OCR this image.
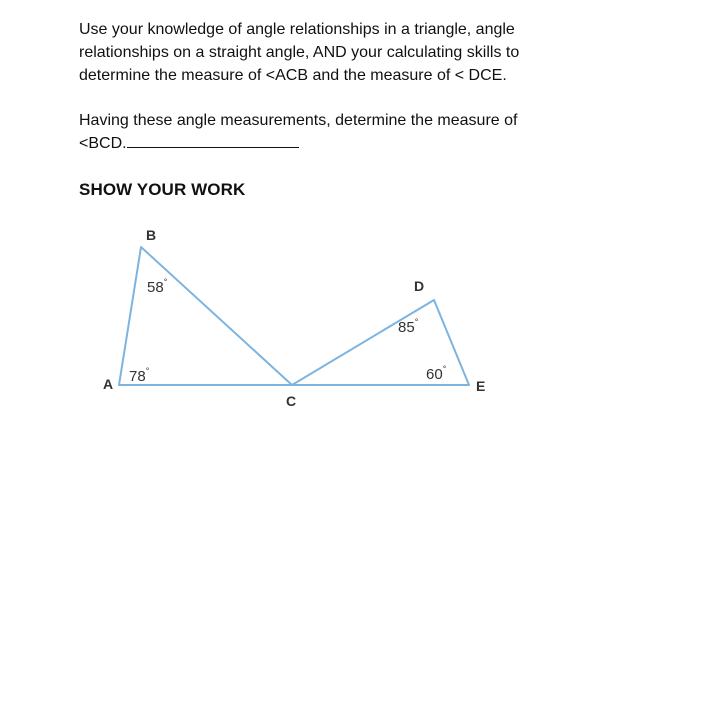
Use your knowledge of angle relationships in a triangle, angle
relationships on a straight angle, AND your calculating skills to
determine the measure of <ACB and the measure of < DCE.

Having these angle measurements, determine the measure of
<BCD.

SHOW YOUR WORK
B
A
C
D
E
58°
78°
85°
60°
